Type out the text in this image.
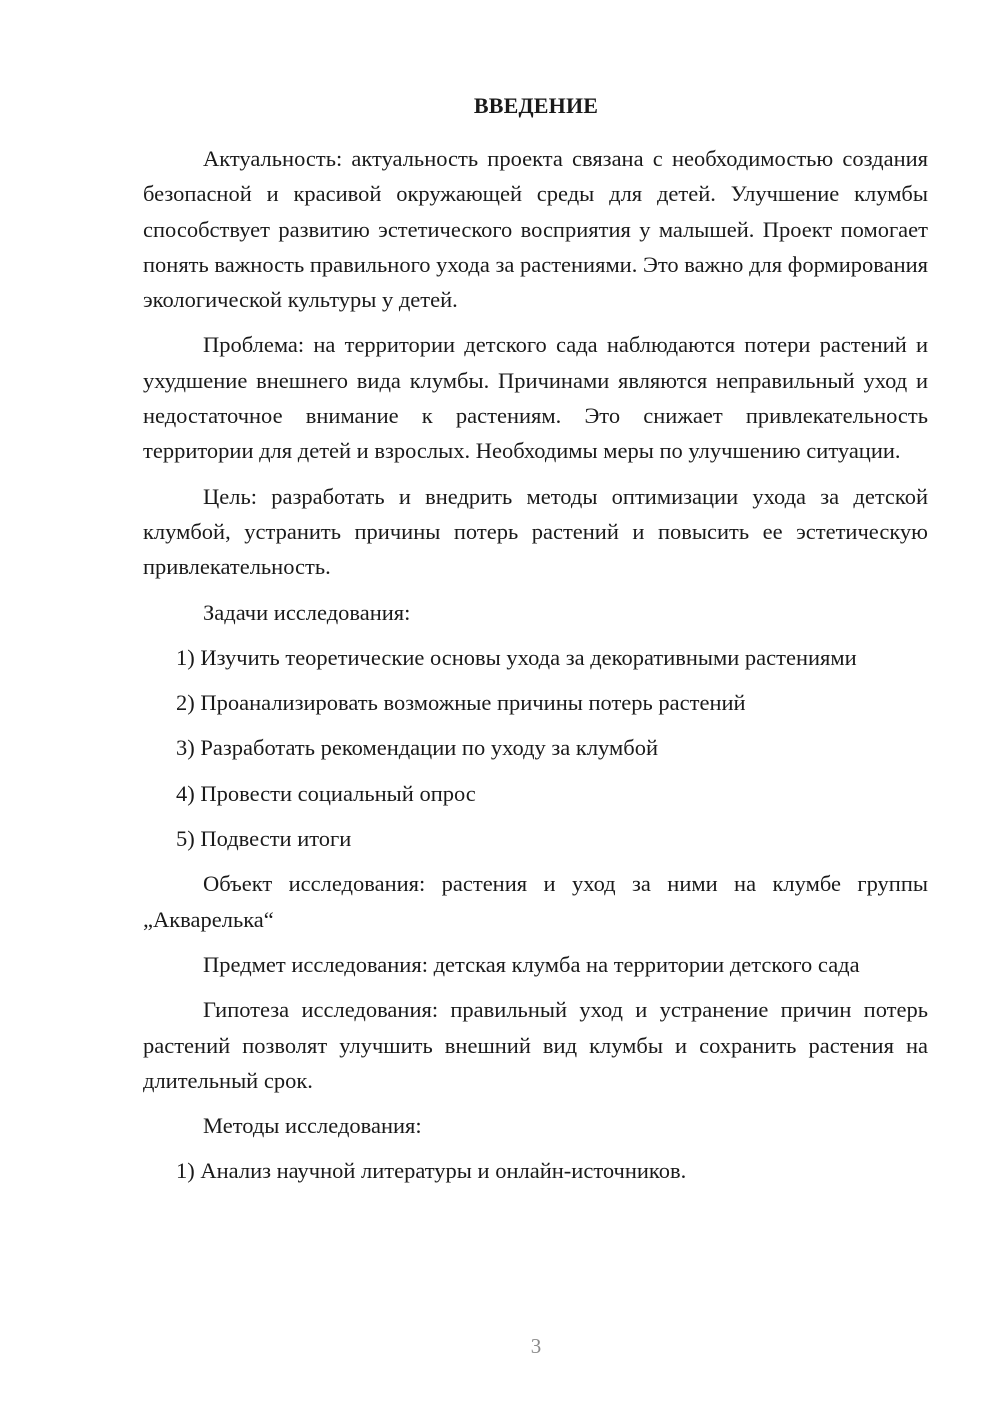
ВВЕДЕНИЕ

Актуальность: актуальность проекта связана с необходимостью создания безопасной и красивой окружающей среды для детей. Улучшение клумбы способствует развитию эстетического восприятия у малышей. Проект помогает понять важность правильного ухода за растениями. Это важно для формирования экологической культуры у детей.

Проблема: на территории детского сада наблюдаются потери растений и ухудшение внешнего вида клумбы. Причинами являются неправильный уход и недостаточное внимание к растениям. Это снижает привлекательность территории для детей и взрослых. Необходимы меры по улучшению ситуации.

Цель: разработать и внедрить методы оптимизации ухода за детской клумбой, устранить причины потерь растений и повысить ее эстетическую привлекательность.

Задачи исследования:

1) Изучить теоретические основы ухода за декоративными растениями

2) Проанализировать возможные причины потерь растений

3) Разработать рекомендации по уходу за клумбой

4) Провести социальный опрос

5) Подвести итоги

Объект исследования: растения и уход за ними на клумбе группы „Акварелька“

Предмет исследования: детская клумба на территории детского сада

Гипотеза исследования: правильный уход и устранение причин потерь растений позволят улучшить внешний вид клумбы и сохранить растения на длительный срок.

Методы исследования:

1) Анализ научной литературы и онлайн-источников.

3
